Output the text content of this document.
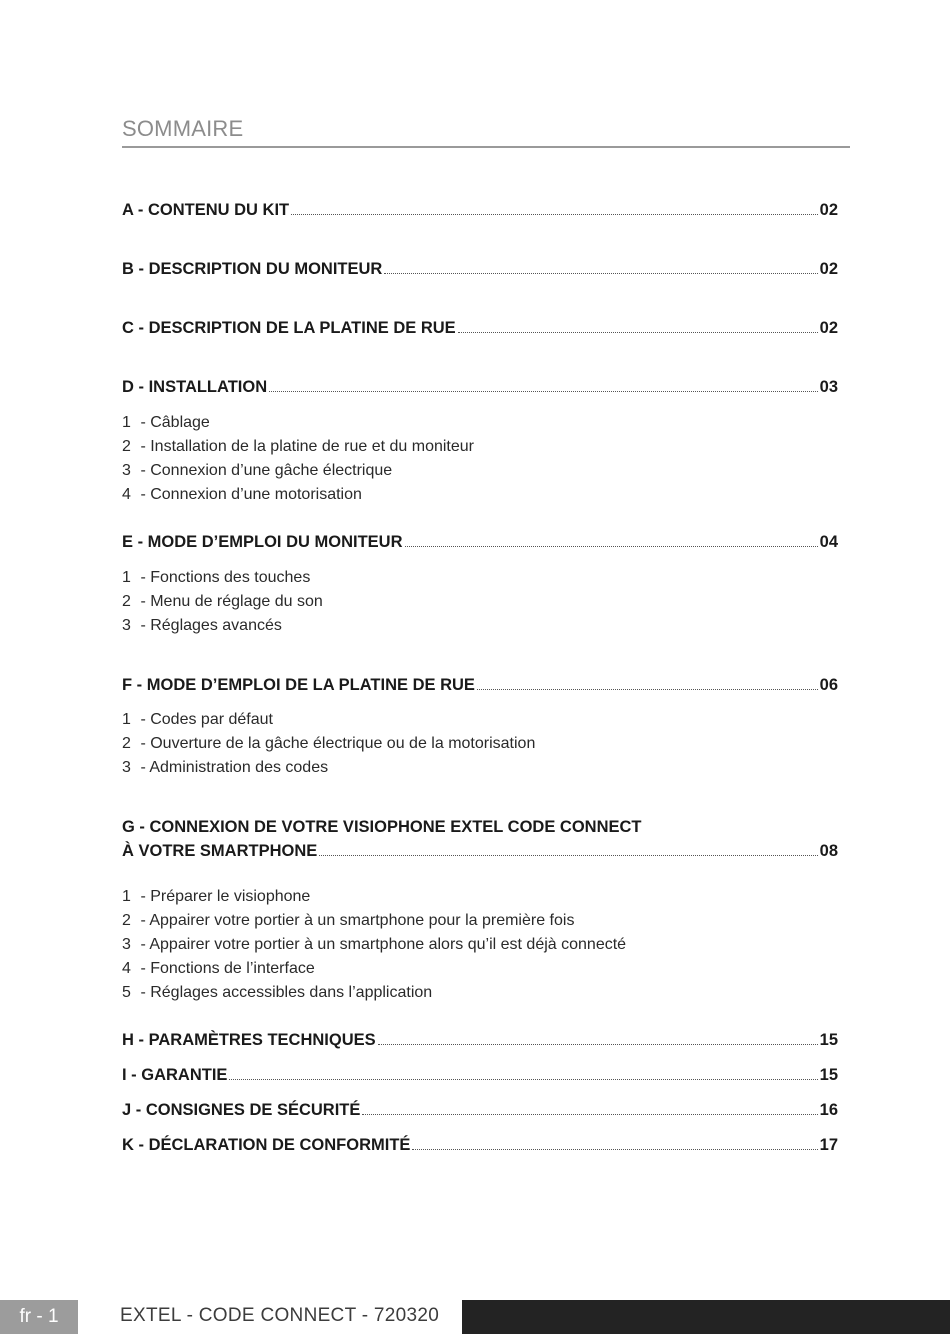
SOMMAIRE
A - CONTENU DU KIT	02
B - DESCRIPTION DU MONITEUR	02
C - DESCRIPTION DE LA PLATINE DE RUE	02
D - INSTALLATION	03
1 - Câblage
2 - Installation de la platine de rue et du moniteur
3 - Connexion d’une gâche électrique
4 - Connexion d’une motorisation
E - MODE D’EMPLOI DU MONITEUR	04
1 - Fonctions des touches
2 - Menu de réglage du son
3 - Réglages avancés
F - MODE D’EMPLOI DE LA PLATINE DE RUE	06
1 - Codes par défaut
2 - Ouverture de la gâche électrique ou de la motorisation
3 - Administration des codes
G - CONNEXION DE VOTRE VISIOPHONE EXTEL CODE CONNECT
À VOTRE SMARTPHONE	08
1 - Préparer le visiophone
2 - Appairer votre portier à un smartphone pour la première fois
3 - Appairer votre portier à un smartphone alors qu’il est déjà connecté
4 - Fonctions de l’interface
5 - Réglages accessibles dans l’application
H - PARAMÈTRES TECHNIQUES	15
I - GARANTIE	15
J - CONSIGNES DE SÉCURITÉ	16
K - DÉCLARATION DE CONFORMITÉ	17
fr - 1	EXTEL - CODE CONNECT - 720320
